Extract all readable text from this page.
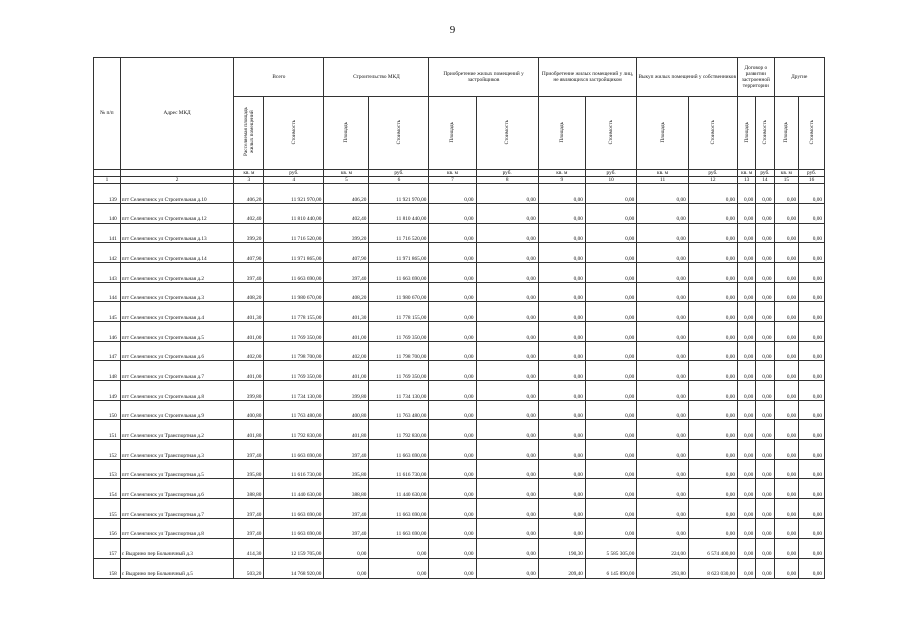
9
№ п/п	Адрес МКД	Всего		Строительство МКД		Приобретение жилых помещений у застройщиков		Приобретение жилых помещений у лиц, не являющихся застройщиком		Выкуп жилых помещений у собственников		Договор о развитии застроенной территории		Другие	
		Расселяемая площадь жилых помещений	Стоимость	Площадь	Стоимость	Площадь	Стоимость	Площадь	Стоимость	Площадь	Стоимость	Площадь	Стоимость	Площадь	Стоимость
		кв. м	руб.	кв. м	руб.	кв. м	руб.	кв. м	руб.	кв. м	руб.	кв. м	руб.	кв. м	руб.
1	2	3	4	5	6	7	8	9	10	11	12	13	14	15	16
139	пгт Селенгинск ул Строительная д.10	406,20	11 921 970,00	406,20	11 921 970,00	0,00	0,00	0,00	0,00	0,00	0,00	0,00	0,00	0,00	0,00
140	пгт Селенгинск ул Строительная д.12	402,40	11 810 440,00	402,40	11 810 440,00	0,00	0,00	0,00	0,00	0,00	0,00	0,00	0,00	0,00	0,00
141	пгт Селенгинск ул Строительная д.13	399,20	11 716 520,00	399,20	11 716 520,00	0,00	0,00	0,00	0,00	0,00	0,00	0,00	0,00	0,00	0,00
142	пгт Селенгинск ул Строительная д.14	407,90	11 971 865,00	407,90	11 971 865,00	0,00	0,00	0,00	0,00	0,00	0,00	0,00	0,00	0,00	0,00
143	пгт Селенгинск ул Строительная д.2	397,40	11 663 690,00	397,40	11 663 690,00	0,00	0,00	0,00	0,00	0,00	0,00	0,00	0,00	0,00	0,00
144	пгт Селенгинск ул Строительная д.3	408,20	11 980 670,00	408,20	11 980 670,00	0,00	0,00	0,00	0,00	0,00	0,00	0,00	0,00	0,00	0,00
145	пгт Селенгинск ул Строительная д.4	401,30	11 778 155,00	401,30	11 778 155,00	0,00	0,00	0,00	0,00	0,00	0,00	0,00	0,00	0,00	0,00
146	пгт Селенгинск ул Строительная д.5	401,00	11 769 350,00	401,00	11 769 350,00	0,00	0,00	0,00	0,00	0,00	0,00	0,00	0,00	0,00	0,00
147	пгт Селенгинск ул Строительная д.6	402,00	11 798 700,00	402,00	11 798 700,00	0,00	0,00	0,00	0,00	0,00	0,00	0,00	0,00	0,00	0,00
148	пгт Селенгинск ул Строительная д.7	401,00	11 769 350,00	401,00	11 769 350,00	0,00	0,00	0,00	0,00	0,00	0,00	0,00	0,00	0,00	0,00
149	пгт Селенгинск ул Строительная д.8	399,80	11 734 130,00	399,80	11 734 130,00	0,00	0,00	0,00	0,00	0,00	0,00	0,00	0,00	0,00	0,00
150	пгт Селенгинск ул Строительная д.9	400,80	11 763 480,00	400,80	11 763 480,00	0,00	0,00	0,00	0,00	0,00	0,00	0,00	0,00	0,00	0,00
151	пгт Селенгинск ул Транспортная д.2	401,80	11 792 830,00	401,80	11 792 830,00	0,00	0,00	0,00	0,00	0,00	0,00	0,00	0,00	0,00	0,00
152	пгт Селенгинск ул Транспортная д.3	397,40	11 663 690,00	397,40	11 663 690,00	0,00	0,00	0,00	0,00	0,00	0,00	0,00	0,00	0,00	0,00
153	пгт Селенгинск ул Транспортная д.5	395,80	11 616 730,00	395,80	11 616 730,00	0,00	0,00	0,00	0,00	0,00	0,00	0,00	0,00	0,00	0,00
154	пгт Селенгинск ул Транспортная д.6	388,80	11 440 630,00	388,80	11 440 630,00	0,00	0,00	0,00	0,00	0,00	0,00	0,00	0,00	0,00	0,00
155	пгт Селенгинск ул Транспортная д.7	397,40	11 663 690,00	397,40	11 663 690,00	0,00	0,00	0,00	0,00	0,00	0,00	0,00	0,00	0,00	0,00
156	пгт Селенгинск ул Транспортная д.8	397,40	11 663 690,00	397,40	11 663 690,00	0,00	0,00	0,00	0,00	0,00	0,00	0,00	0,00	0,00	0,00
157	с Выдрино пер Больничный д.3	414,30	12 159 705,00	0,00	0,00	0,00	0,00	190,30	5 585 305,00	224,00	6 574 400,00	0,00	0,00	0,00	0,00
158	с Выдрино пер Больничный д.5	503,20	14 768 920,00	0,00	0,00	0,00	0,00	209,40	6 145 890,00	293,80	8 623 030,00	0,00	0,00	0,00	0,00
